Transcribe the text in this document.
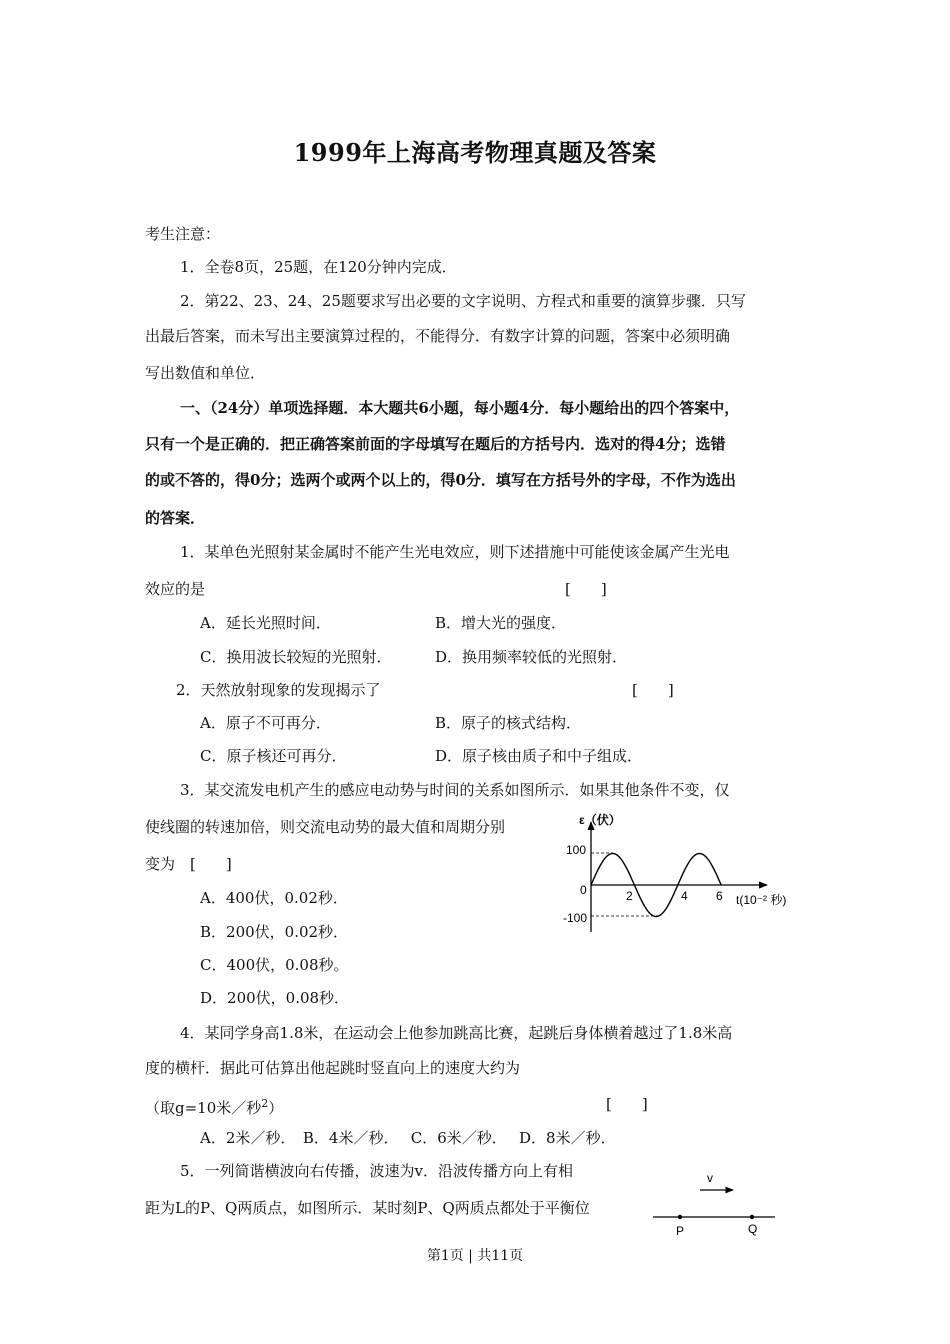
1999年上海高考物理真题及答案
考生注意：
1．全卷8页，25题，在120分钟内完成．
2．第22、23、24、25题要求写出必要的文字说明、方程式和重要的演算步骤．只写
出最后答案，而未写出主要演算过程的，不能得分．有数字计算的问题，答案中必须明确
写出数值和单位．
一、（24分）单项选择题．本大题共6小题，每小题4分．每小题给出的四个答案中，
只有一个是正确的．把正确答案前面的字母填写在题后的方括号内．选对的得4分；选错
的或不答的，得0分；选两个或两个以上的，得0分．填写在方括号外的字母，不作为选出
的答案．
1．某单色光照射某金属时不能产生光电效应，则下述措施中可能使该金属产生光电
效应的是	[　　]
A．延长光照时间．	B．增大光的强度．
C．换用波长较短的光照射．	D．换用频率较低的光照射．
2．天然放射现象的发现揭示了	[　　]
A．原子不可再分．	B．原子的核式结构．
C．原子核还可再分．	D．原子核由质子和中子组成．
3．某交流发电机产生的感应电动势与时间的关系如图所示．如果其他条件不变，仅
使线圈的转速加倍，则交流电动势的最大值和周期分别
变为　[　　]
A．400伏，0.02秒．
B．200伏，0.02秒．
C．400伏，0.08秒。
D．200伏，0.08秒．
ε（伏）
t(10⁻² 秒)
100
0
-100
2	4 6
4．某同学身高1.8米，在运动会上他参加跳高比赛，起跳后身体横着越过了1.8米高
度的横杆．据此可估算出他起跳时竖直向上的速度大约为
（取g=10米／秒$^2$）	[　　]
A．2米／秒．　B．4米／秒．　 C．6米／秒．　 D．8米／秒．
5．一列简谐横波向右传播，波速为v．沿波传播方向上有相
距为L的P、Q两质点，如图所示．某时刻P、Q两质点都处于平衡位
v
P	Q
第1页 | 共11页
